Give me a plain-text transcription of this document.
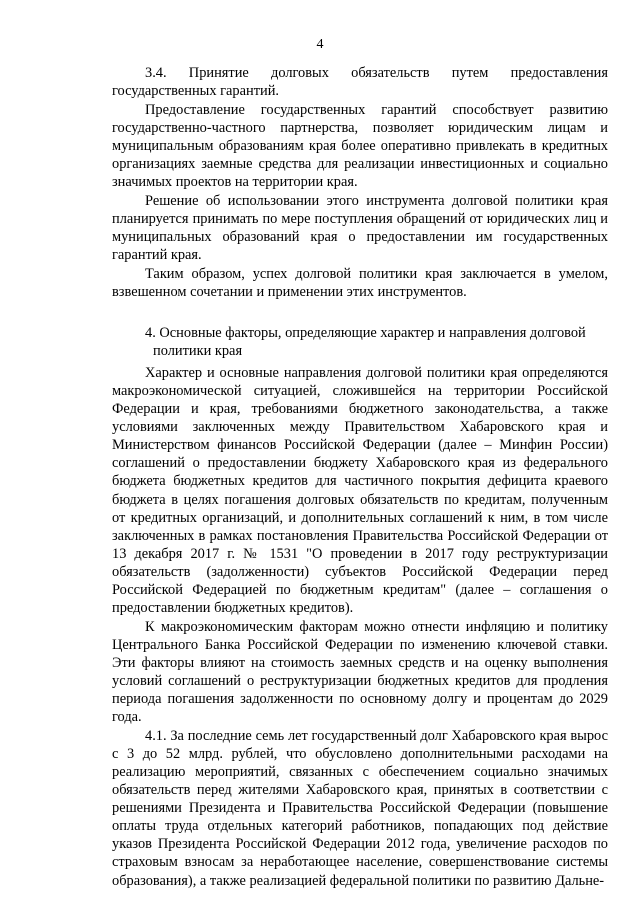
4

3.4. Принятие долговых обязательств путем предоставления государственных гарантий.

Предоставление государственных гарантий способствует развитию государственно-частного партнерства, позволяет юридическим лицам и муниципальным образованиям края более оперативно привлекать в кредитных организациях заемные средства для реализации инвестиционных и социально значимых проектов на территории края.

Решение об использовании этого инструмента долговой политики края планируется принимать по мере поступления обращений от юридических лиц и муниципальных образований края о предоставлении им государственных гарантий края.

Таким образом, успех долговой политики края заключается в умелом, взвешенном сочетании и применении этих инструментов.

4. Основные факторы, определяющие характер и направления долговой
политики края

Характер и основные направления долговой политики края определяются макроэкономической ситуацией, сложившейся на территории Российской Федерации и края, требованиями бюджетного законодательства, а также условиями заключенных между Правительством Хабаровского края и Министерством финансов Российской Федерации (далее – Минфин России) соглашений о предоставлении бюджету Хабаровского края из федерального бюджета бюджетных кредитов для частичного покрытия дефицита краевого бюджета в целях погашения долговых обязательств по кредитам, полученным от кредитных организаций, и дополнительных соглашений к ним, в том числе заключенных в рамках постановления Правительства Российской Федерации от 13 декабря 2017 г. № 1531 "О проведении в 2017 году реструктуризации обязательств (задолженности) субъектов Российской Федерации перед Российской Федерацией по бюджетным кредитам" (далее – соглашения о предоставлении бюджетных кредитов).

К макроэкономическим факторам можно отнести инфляцию и политику Центрального Банка Российской Федерации по изменению ключевой ставки. Эти факторы влияют на стоимость заемных средств и на оценку выполнения условий соглашений о реструктуризации бюджетных кредитов для продления периода погашения задолженности по основному долгу и процентам до 2029 года.

4.1. За последние семь лет государственный долг Хабаровского края вырос с 3 до 52 млрд. рублей, что обусловлено дополнительными расходами на реализацию мероприятий, связанных с обеспечением социально значимых обязательств перед жителями Хабаровского края, принятых в соответствии с решениями Президента и Правительства Российской Федерации (повышение оплаты труда отдельных категорий работников, попадающих под действие указов Президента Российской Федерации 2012 года, увеличение расходов по страховым взносам за неработающее население, совершенствование системы образования), а также реализацией федеральной политики по развитию Дальне-
